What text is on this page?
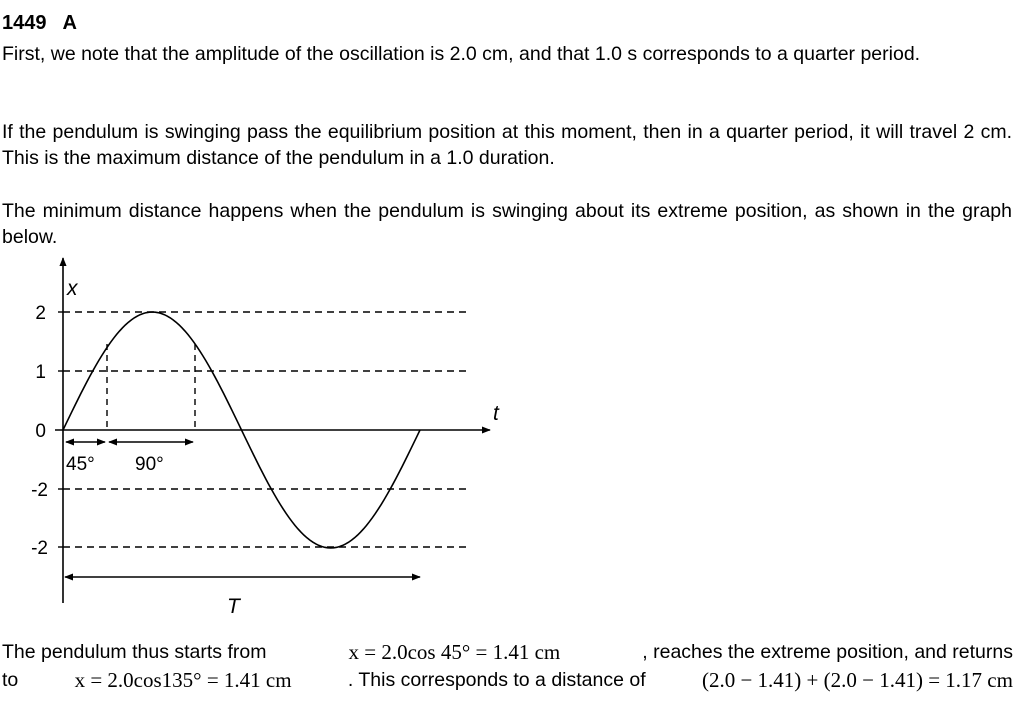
1449 A
First, we note that the amplitude of the oscillation is 2.0 cm, and that 1.0 s corresponds to a quarter period.
If the pendulum is swinging pass the equilibrium position at this moment, then in a quarter period, it will travel 2 cm. This is the maximum distance of the pendulum in a 1.0 duration.
The minimum distance happens when the pendulum is swinging about its extreme position, as shown in the graph below.
x
t
2
1
0
-2
-2
45° 90°
T
The pendulum thus starts from	x = 2.0cos 45° = 1.41 cm	, reaches the extreme position, and returns
to	x = 2.0cos135° = 1.41 cm	. This corresponds to a distance of	(2.0 − 1.41) + (2.0 − 1.41) = 1.17 cm
